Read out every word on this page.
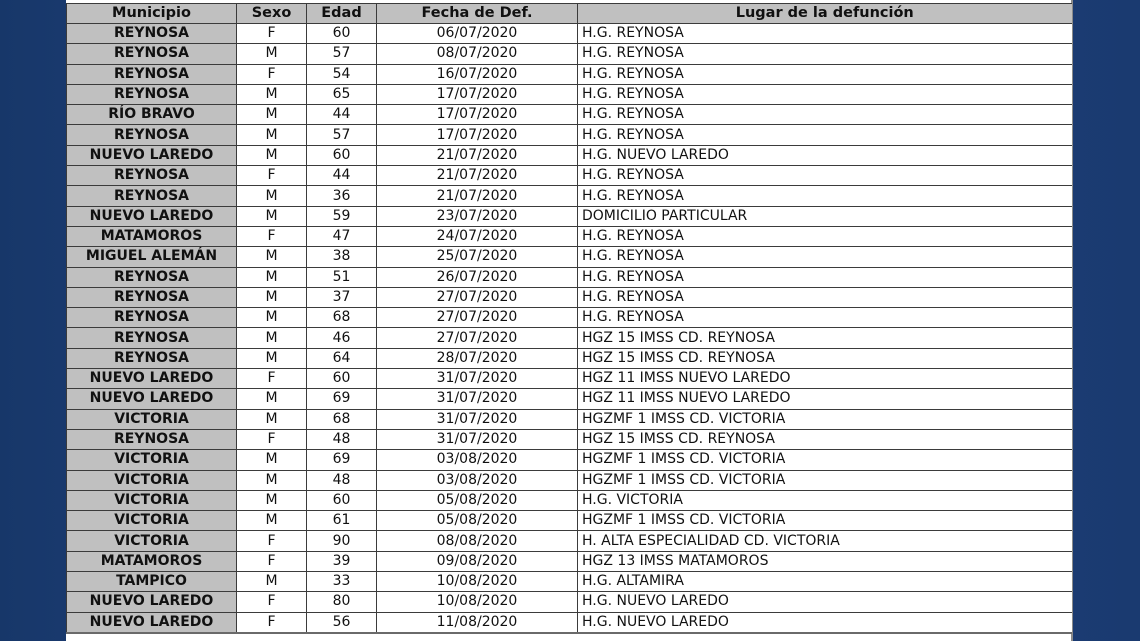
Municipio	Sexo	Edad	Fecha de Def.	Lugar de la defunción
REYNOSA	F	60	06/07/2020	H.G. REYNOSA
REYNOSA	M	57	08/07/2020	H.G. REYNOSA
REYNOSA	F	54	16/07/2020	H.G. REYNOSA
REYNOSA	M	65	17/07/2020	H.G. REYNOSA
RÍO BRAVO	M	44	17/07/2020	H.G. REYNOSA
REYNOSA	M	57	17/07/2020	H.G. REYNOSA
NUEVO LAREDO	M	60	21/07/2020	H.G. NUEVO LAREDO
REYNOSA	F	44	21/07/2020	H.G. REYNOSA
REYNOSA	M	36	21/07/2020	H.G. REYNOSA
NUEVO LAREDO	M	59	23/07/2020	DOMICILIO PARTICULAR
MATAMOROS	F	47	24/07/2020	H.G. REYNOSA
MIGUEL ALEMÁN	M	38	25/07/2020	H.G. REYNOSA
REYNOSA	M	51	26/07/2020	H.G. REYNOSA
REYNOSA	M	37	27/07/2020	H.G. REYNOSA
REYNOSA	M	68	27/07/2020	H.G. REYNOSA
REYNOSA	M	46	27/07/2020	HGZ 15 IMSS CD. REYNOSA
REYNOSA	M	64	28/07/2020	HGZ 15 IMSS CD. REYNOSA
NUEVO LAREDO	F	60	31/07/2020	HGZ 11 IMSS NUEVO LAREDO
NUEVO LAREDO	M	69	31/07/2020	HGZ 11 IMSS NUEVO LAREDO
VICTORIA	M	68	31/07/2020	HGZMF 1 IMSS CD. VICTORIA
REYNOSA	F	48	31/07/2020	HGZ 15 IMSS CD. REYNOSA
VICTORIA	M	69	03/08/2020	HGZMF 1 IMSS CD. VICTORIA
VICTORIA	M	48	03/08/2020	HGZMF 1 IMSS CD. VICTORIA
VICTORIA	M	60	05/08/2020	H.G. VICTORIA
VICTORIA	M	61	05/08/2020	HGZMF 1 IMSS CD. VICTORIA
VICTORIA	F	90	08/08/2020	H. ALTA ESPECIALIDAD CD. VICTORIA
MATAMOROS	F	39	09/08/2020	HGZ 13 IMSS MATAMOROS
TAMPICO	M	33	10/08/2020	H.G. ALTAMIRA
NUEVO LAREDO	F	80	10/08/2020	H.G. NUEVO LAREDO
NUEVO LAREDO	F	56	11/08/2020	H.G. NUEVO LAREDO
